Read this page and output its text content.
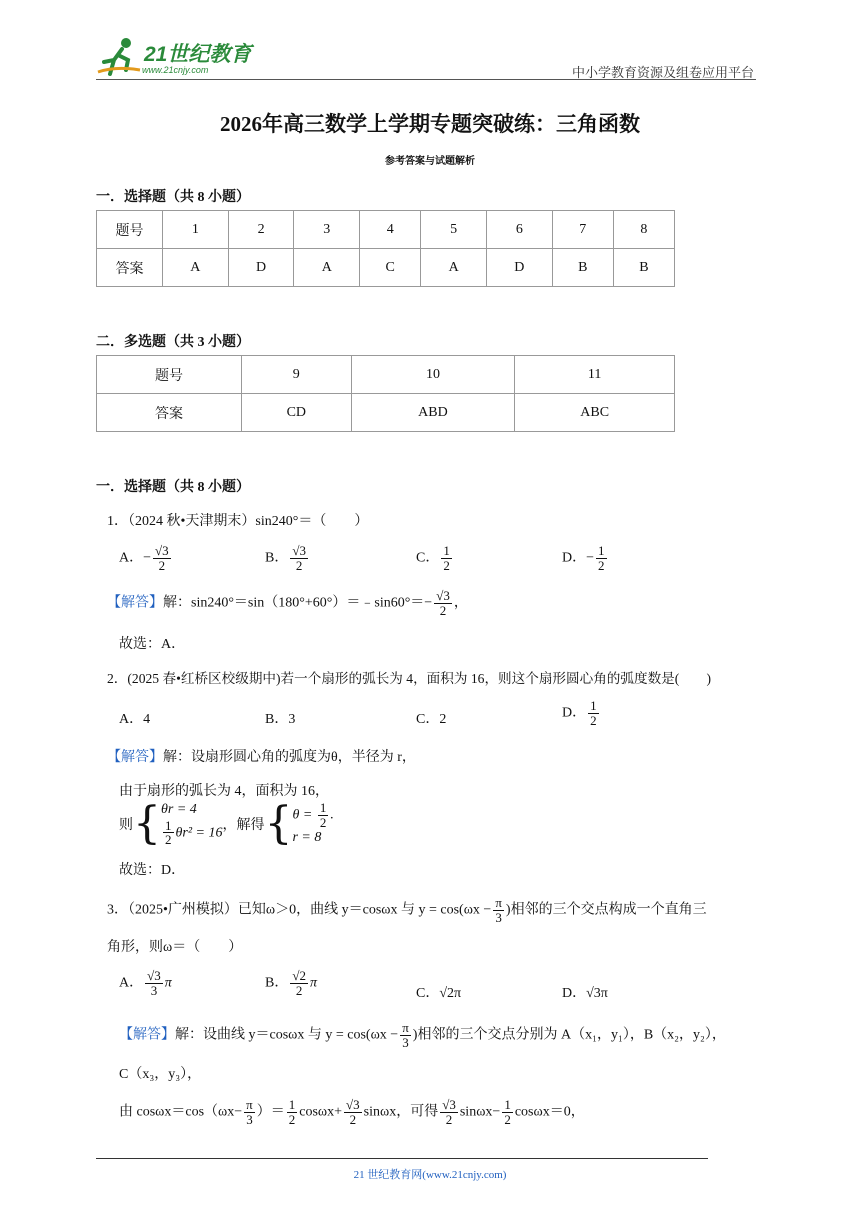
21世纪教育
www.21cnjy.com	中小学教育资源及组卷应用平台
2026年高三数学上学期专题突破练：三角函数
参考答案与试题解析
一．选择题（共 8 小题）
题号	1	2	3	4	5	6	7	8
答案	A	D	A	C	A	D	B	B
二．多选题（共 3 小题）
题号	9	10	11
答案	CD	ABD	ABC
一．选择题（共 8 小题）
1．（2024 秋•天津期末）sin240°＝（　　）
A．− $\frac{√3}{2}$	B． $\frac{√3}{2}$	C． $\frac{1}{2}$	D．− $\frac{1}{2}$
【解答】解：sin240°＝sin（180°+60°）＝﹣sin60°＝− $\frac{√3}{2}$ ，
故选：A．
2．(2025 春•红桥区校级期中)若一个扇形的弧长为 4，面积为 16，则这个扇形圆心角的弧度数是(　　)
A．4	B．3	C．2	D． $\frac{1}{2}$
【解答】解：设扇形圆心角的弧度为θ，半径为 r，
由于扇形的弧长为 4，面积为 16，
则{ θr = 4
$\frac{1}{2} \theta r^2 = 16$ ，解得{ $\theta = \frac{1}{2}$ .
r = 8
故选：D．
3．（2025•广州模拟）已知ω＞0，曲线 y＝cosωx 与 $y = \cos(\omega x - \frac{\pi}{3}$ )相邻的三个交点构成一个直角三
角形，则ω＝（　　）
A． $\frac{√3}{3}$ π	B． $\frac{√2}{2}$ π
C．√2π	D．√3π
【解答】解：设曲线 y＝cosωx 与 $y = \cos(\omega x - \frac{\pi}{3}$ )相邻的三个交点分别为 A（x₁，y₁），B（x₂，y₂），
C（x₃，y₃），
由 $\cos\omega x=\cos(\omega x- \frac{\pi}{3}$ ）＝ $\frac{1}{2} \cos\omega x+ \frac{√3}{2}$ sinωx，可得 $\frac{√3}{2} \sin\omega x- \frac{1}{2} \cos\omega x=0$，
21 世纪教育网(www.21cnjy.com)
